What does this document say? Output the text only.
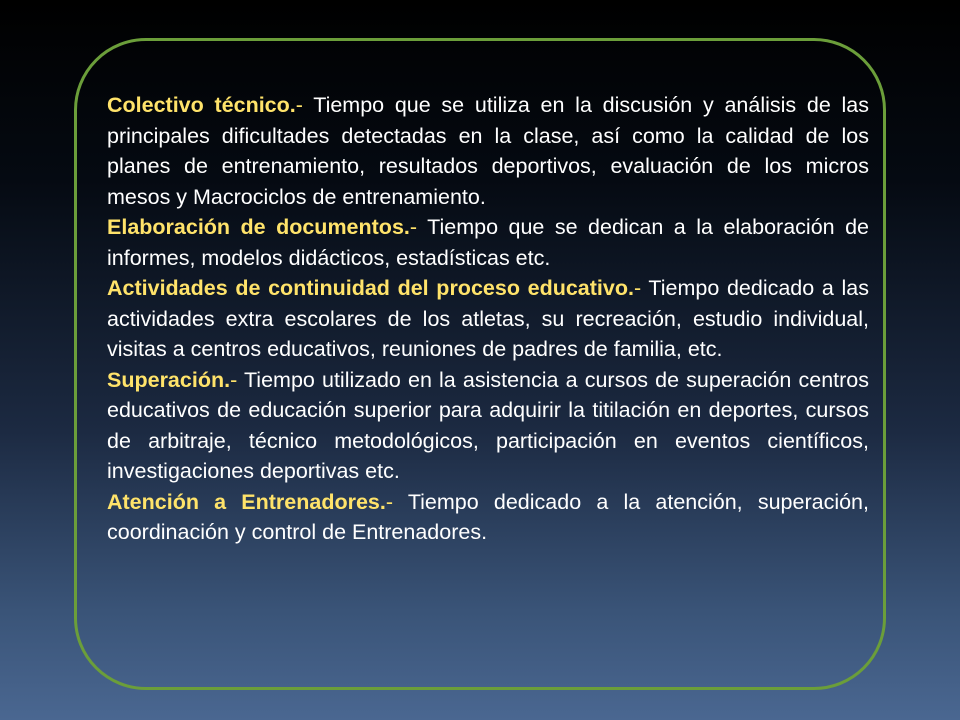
Colectivo técnico.- Tiempo que se utiliza en la discusión y análisis de las principales dificultades detectadas en la clase, así como la calidad de los planes de entrenamiento, resultados deportivos, evaluación de los micros mesos y Macrociclos de entrenamiento.

Elaboración de documentos.- Tiempo que se dedican a la elaboración de informes, modelos didácticos, estadísticas etc.

Actividades de continuidad del proceso educativo.- Tiempo dedicado a las actividades extra escolares de los atletas, su recreación, estudio individual, visitas a centros educativos, reuniones de padres de familia, etc.

Superación.- Tiempo utilizado en la asistencia a cursos de superación centros educativos de educación superior para adquirir la titilación en deportes, cursos de arbitraje, técnico metodológicos, participación en eventos científicos, investigaciones deportivas etc.

Atención a Entrenadores.- Tiempo dedicado a la atención, superación, coordinación y control de Entrenadores.
